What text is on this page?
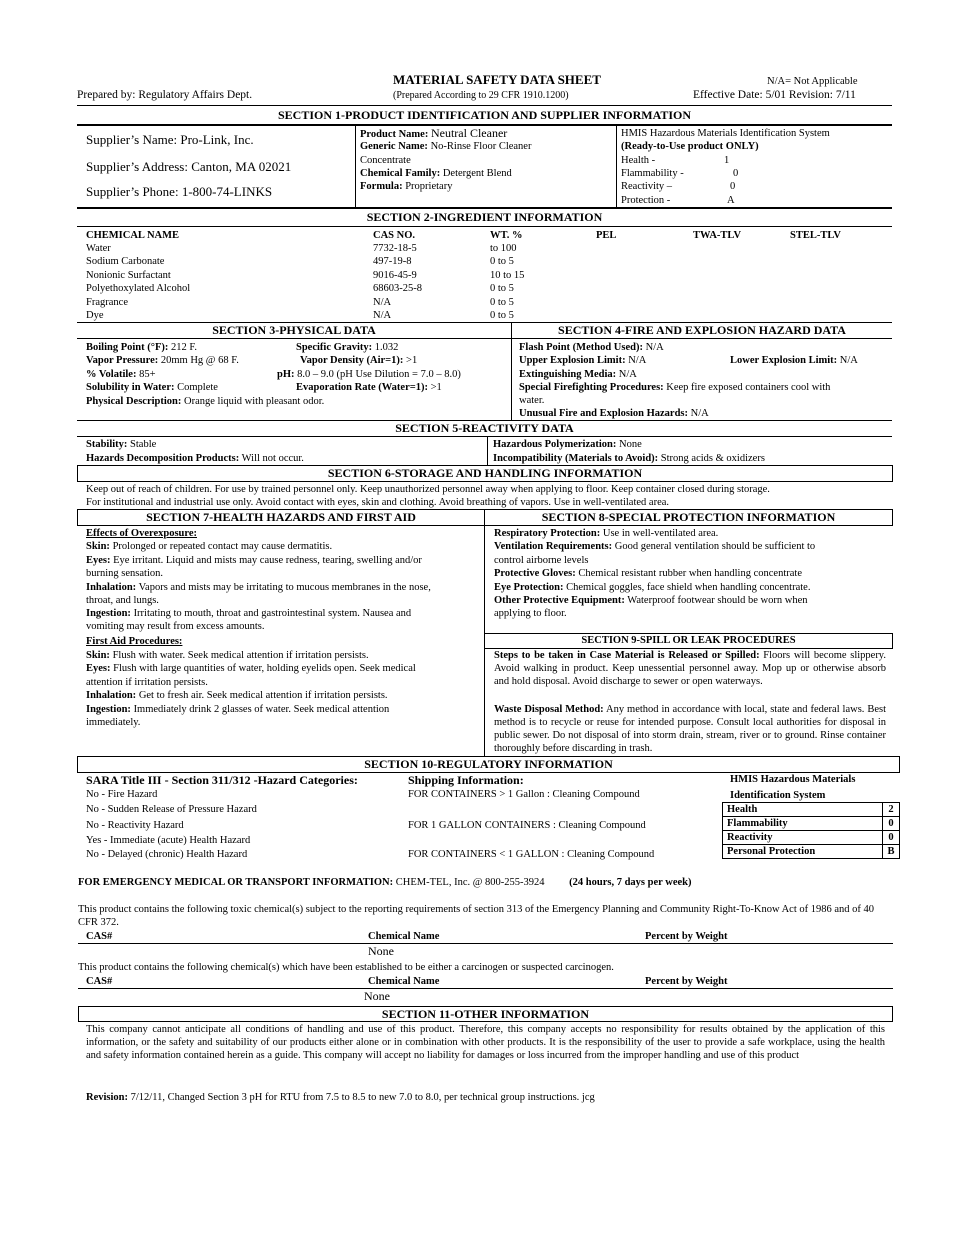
MATERIAL SAFETY DATA SHEET
(Prepared According to 29 CFR 1910.1200)
Prepared by: Regulatory Affairs Dept.
N/A= Not Applicable
Effective Date: 5/01 Revision: 7/11
SECTION 1-PRODUCT IDENTIFICATION AND SUPPLIER INFORMATION
Supplier’s Name: Pro-Link, Inc.
Supplier’s Address: Canton, MA 02021
Supplier’s Phone: 1-800-74-LINKS
Product Name: Neutral Cleaner
Generic Name: No-Rinse Floor Cleaner
Concentrate
Chemical Family: Detergent Blend
Formula: Proprietary
HMIS Hazardous Materials Identification System
(Ready-to-Use product ONLY)
Health -	1
Flammability -	0
Reactivity –	0
Protection -	A
SECTION 2-INGREDIENT INFORMATION
CHEMICAL NAME	CAS NO.	WT. %	PEL	TWA-TLV	STEL-TLV
Water	7732-18-5	to 100
Sodium Carbonate	497-19-8	0 to 5
Nonionic Surfactant	9016-45-9	10 to 15
Polyethoxylated Alcohol	68603-25-8	0 to 5
Fragrance	N/A	0 to 5
Dye	N/A	0 to 5
SECTION 3-PHYSICAL DATA	SECTION 4-FIRE AND EXPLOSION HAZARD DATA
Boiling Point (°F): 212 F.	Specific Gravity: 1.032
Vapor Pressure: 20mm Hg @ 68 F.	Vapor Density (Air=1): >1
% Volatile: 85+	pH: 8.0 – 9.0 (pH Use Dilution = 7.0 – 8.0)
Solubility in Water: Complete	Evaporation Rate (Water=1): >1
Physical Description: Orange liquid with pleasant odor.
Flash Point (Method Used): N/A
Upper Explosion Limit: N/A	Lower Explosion Limit: N/A
Extinguishing Media: N/A
Special Firefighting Procedures: Keep fire exposed containers cool with
water.
Unusual Fire and Explosion Hazards: N/A
SECTION 5-REACTIVITY DATA
Stability: Stable
Hazards Decomposition Products: Will not occur.
Hazardous Polymerization: None
Incompatibility (Materials to Avoid): Strong acids & oxidizers
SECTION 6-STORAGE AND HANDLING INFORMATION
Keep out of reach of children. For use by trained personnel only. Keep unauthorized personnel away when applying to floor. Keep container closed during storage.
For institutional and industrial use only. Avoid contact with eyes, skin and clothing. Avoid breathing of vapors. Use in well-ventilated area.
SECTION 7-HEALTH HAZARDS AND FIRST AID	SECTION 8-SPECIAL PROTECTION INFORMATION
Effects of Overexposure:
Skin: Prolonged or repeated contact may cause dermatitis.
Eyes: Eye irritant. Liquid and mists may cause redness, tearing, swelling and/or
burning sensation.
Inhalation: Vapors and mists may be irritating to mucous membranes in the nose,
throat, and lungs.
Ingestion: Irritating to mouth, throat and gastrointestinal system. Nausea and
vomiting may result from excess amounts.
First Aid Procedures:
Skin: Flush with water. Seek medical attention if irritation persists.
Eyes: Flush with large quantities of water, holding eyelids open. Seek medical
attention if irritation persists.
Inhalation: Get to fresh air. Seek medical attention if irritation persists.
Ingestion: Immediately drink 2 glasses of water. Seek medical attention
immediately.
Respiratory Protection: Use in well-ventilated area.
Ventilation Requirements: Good general ventilation should be sufficient to
control airborne levels
Protective Gloves: Chemical resistant rubber when handling concentrate
Eye Protection: Chemical goggles, face shield when handling concentrate.
Other Protective Equipment: Waterproof footwear should be worn when
applying to floor.
SECTION 9-SPILL OR LEAK PROCEDURES
Steps to be taken in Case Material is Released or Spilled: Floors will become slippery. Avoid walking in product. Keep unessential personnel away. Mop up or otherwise absorb and hold disposal. Avoid discharge to sewer or open waterways.
Waste Disposal Method: Any method in accordance with local, state and federal laws. Best method is to recycle or reuse for intended purpose. Consult local authorities for disposal in public sewer. Do not disposal of into storm drain, stream, river or to ground. Rinse container thoroughly before discarding in trash.
SECTION 10-REGULATORY INFORMATION
SARA Title III - Section 311/312 -Hazard Categories:
No - Fire Hazard
No - Sudden Release of Pressure Hazard
No - Reactivity Hazard
Yes - Immediate (acute) Health Hazard
No - Delayed (chronic) Health Hazard
Shipping Information:
FOR CONTAINERS > 1 Gallon : Cleaning Compound
FOR 1 GALLON CONTAINERS : Cleaning Compound
FOR CONTAINERS < 1 GALLON : Cleaning Compound
HMIS Hazardous Materials
Identification System
Health	2
Flammability	0
Reactivity	0
Personal Protection	B
FOR EMERGENCY MEDICAL OR TRANSPORT INFORMATION: CHEM-TEL, Inc. @ 800-255-3924 (24 hours, 7 days per week)
This product contains the following toxic chemical(s) subject to the reporting requirements of section 313 of the Emergency Planning and Community Right-To-Know Act of 1986 and of 40 CFR 372.
CAS#	Chemical Name	Percent by Weight
None
This product contains the following chemical(s) which have been established to be either a carcinogen or suspected carcinogen.
CAS#	Chemical Name	Percent by Weight
None
SECTION 11-OTHER INFORMATION
This company cannot anticipate all conditions of handling and use of this product. Therefore, this company accepts no responsibility for results obtained by the application of this information, or the safety and suitability of our products either alone or in combination with other products. It is the responsibility of the user to provide a safe workplace, using the health and safety information contained herein as a guide. This company will accept no liability for damages or loss incurred from the improper handling and use of this product
Revision: 7/12/11, Changed Section 3 pH for RTU from 7.5 to 8.5 to new 7.0 to 8.0, per technical group instructions. jcg
